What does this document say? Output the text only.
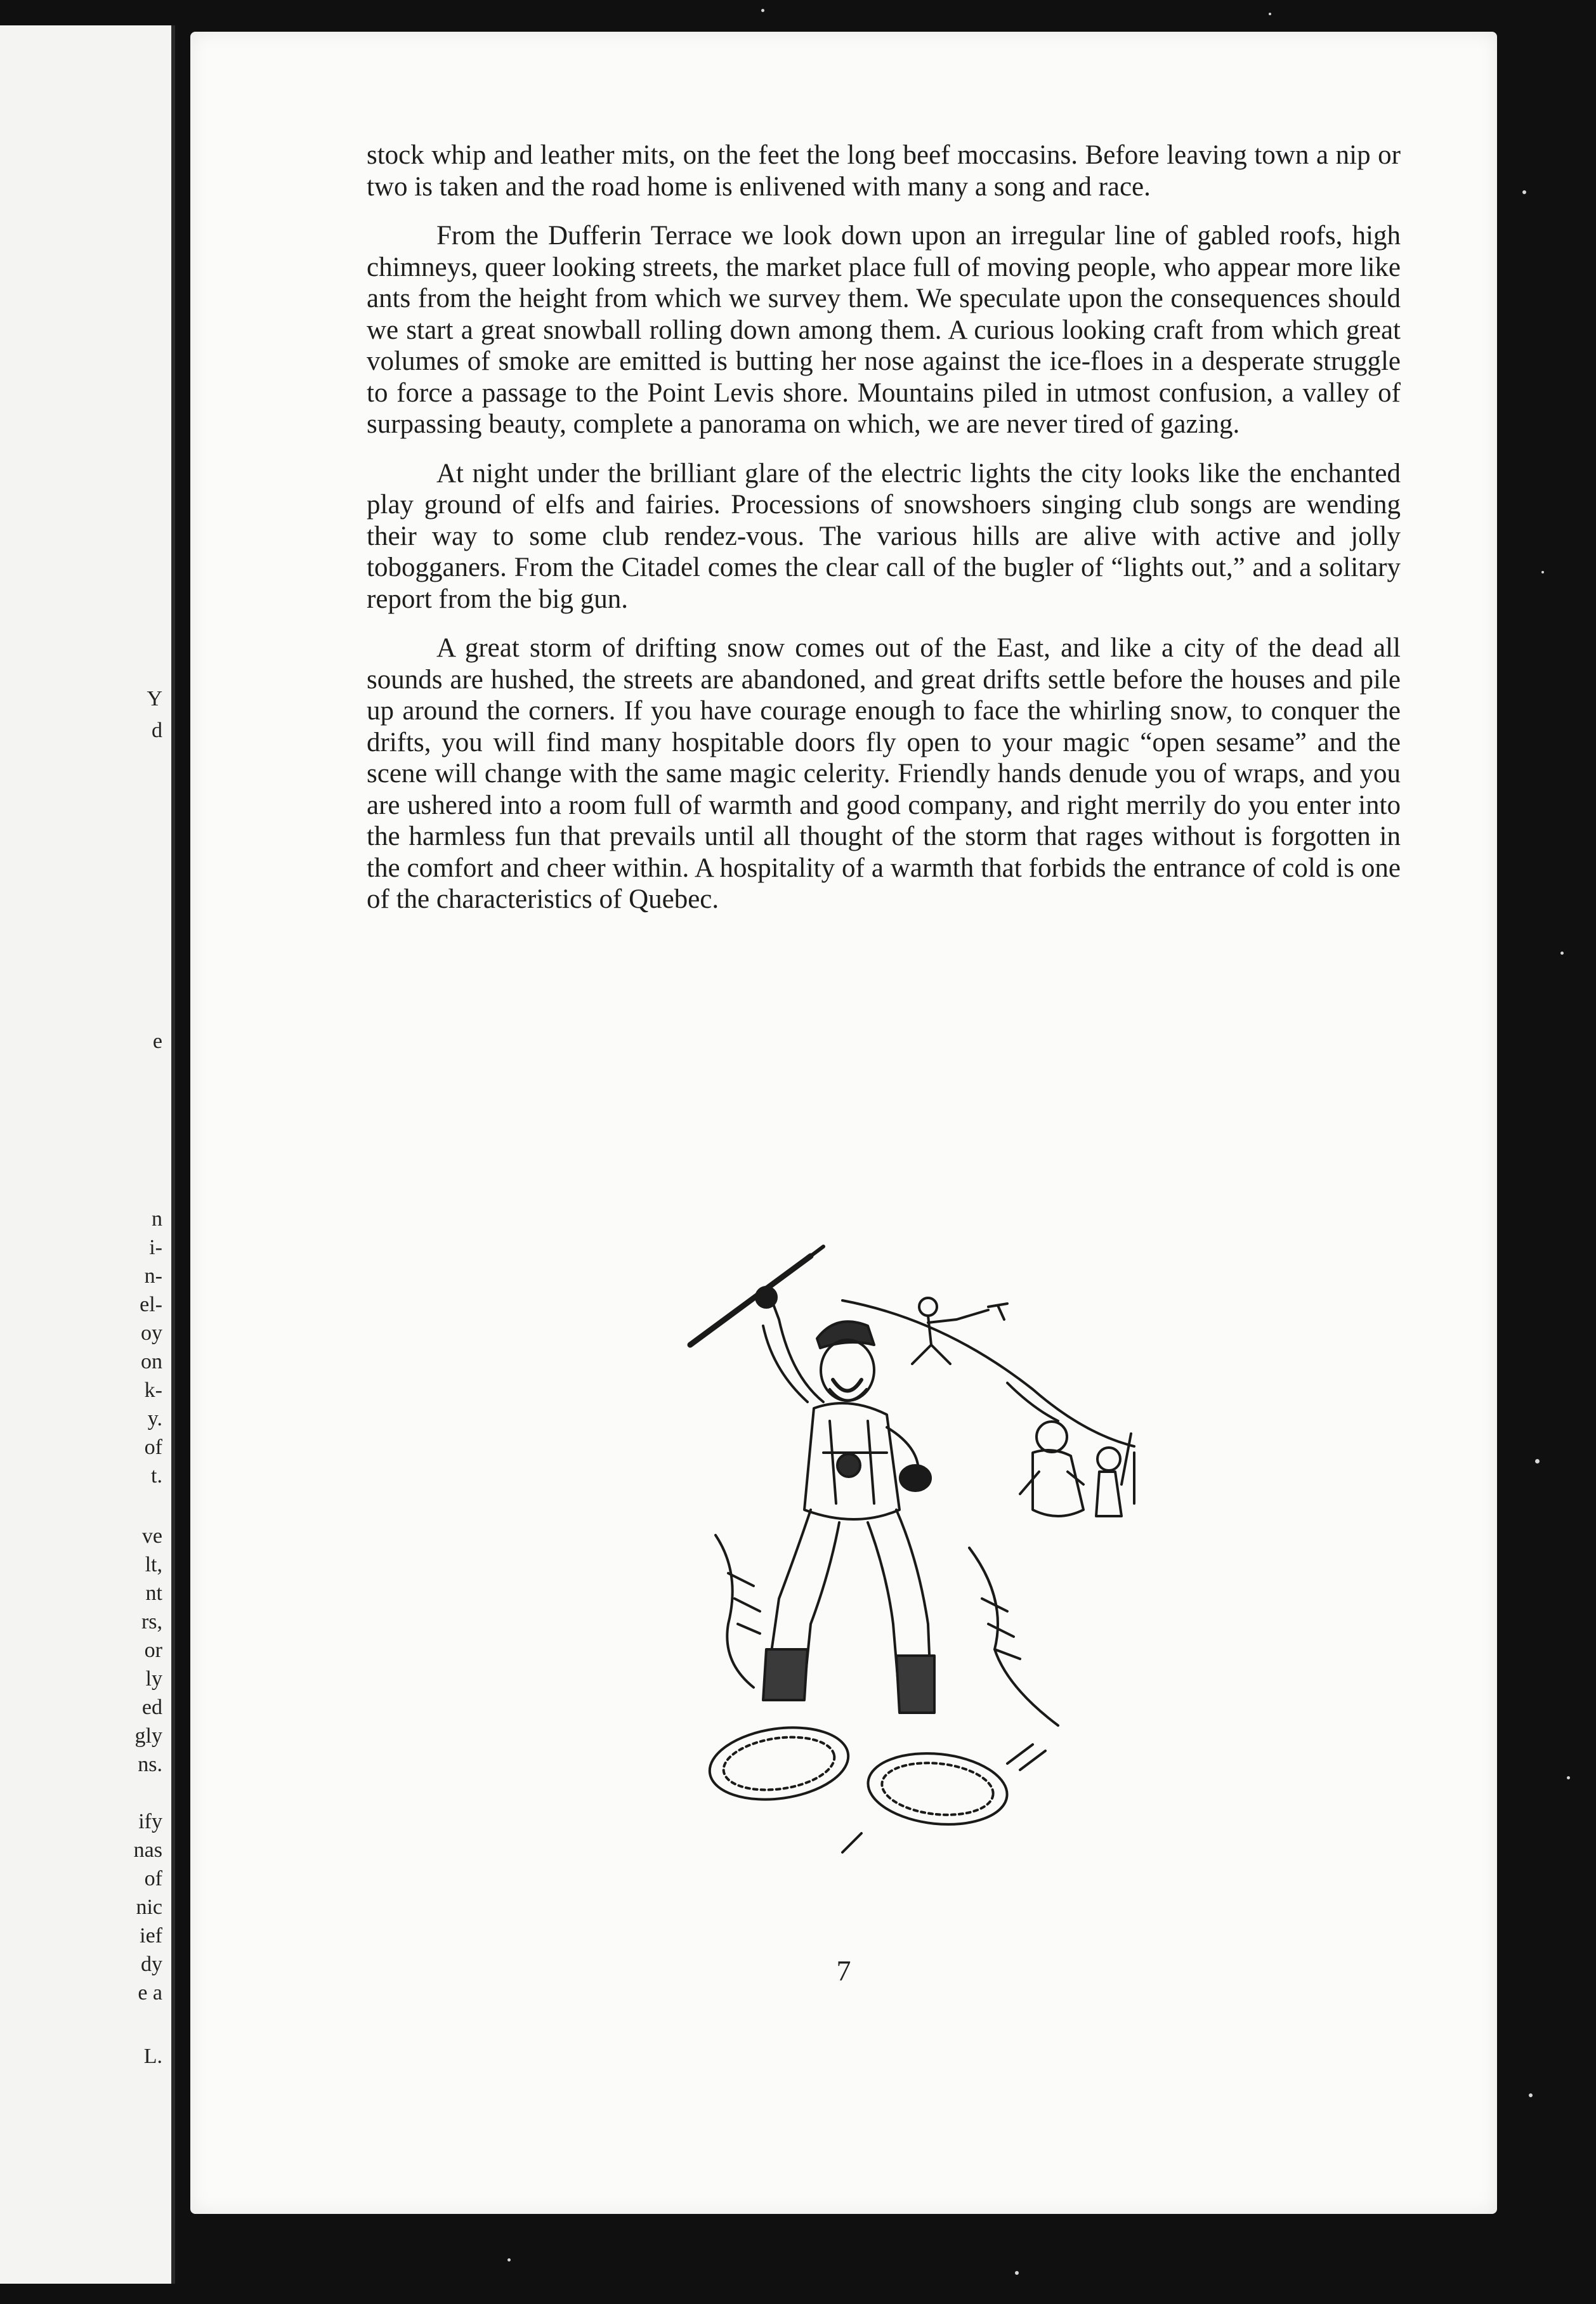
Y
d
e
n
i-
n-
el-
oy
on
k-
y.
of
t.
ve
lt,
nt
rs,
or
ly
ed
gly
ns.
ify
nas
of
nic
ief
dy
e a
L.

stock whip and leather mits, on the feet the long beef moccasins. Before leaving town a nip or two is taken and the road home is enlivened with many a song and race.

From the Dufferin Terrace we look down upon an irregular line of gabled roofs, high chimneys, queer looking streets, the market place full of moving people, who appear more like ants from the height from which we survey them. We speculate upon the consequences should we start a great snowball rolling down among them. A curious looking craft from which great volumes of smoke are emitted is butting her nose against the ice-floes in a desperate struggle to force a passage to the Point Levis shore. Mountains piled in utmost confusion, a valley of surpassing beauty, complete a panorama on which, we are never tired of gazing.

At night under the brilliant glare of the electric lights the city looks like the enchanted play ground of elfs and fairies. Processions of snowshoers singing club songs are wending their way to some club rendez-vous. The various hills are alive with active and jolly tobogganers. From the Citadel comes the clear call of the bugler of “lights out,” and a solitary report from the big gun.

A great storm of drifting snow comes out of the East, and like a city of the dead all sounds are hushed, the streets are abandoned, and great drifts settle before the houses and pile up around the corners. If you have courage enough to face the whirling snow, to conquer the drifts, you will find many hospitable doors fly open to your magic “open sesame” and the scene will change with the same magic celerity. Friendly hands denude you of wraps, and you are ushered into a room full of warmth and good company, and right merrily do you enter into the harmless fun that prevails until all thought of the storm that rages without is forgotten in the comfort and cheer within. A hospitality of a warmth that forbids the entrance of cold is one of the characteristics of Quebec.

7
